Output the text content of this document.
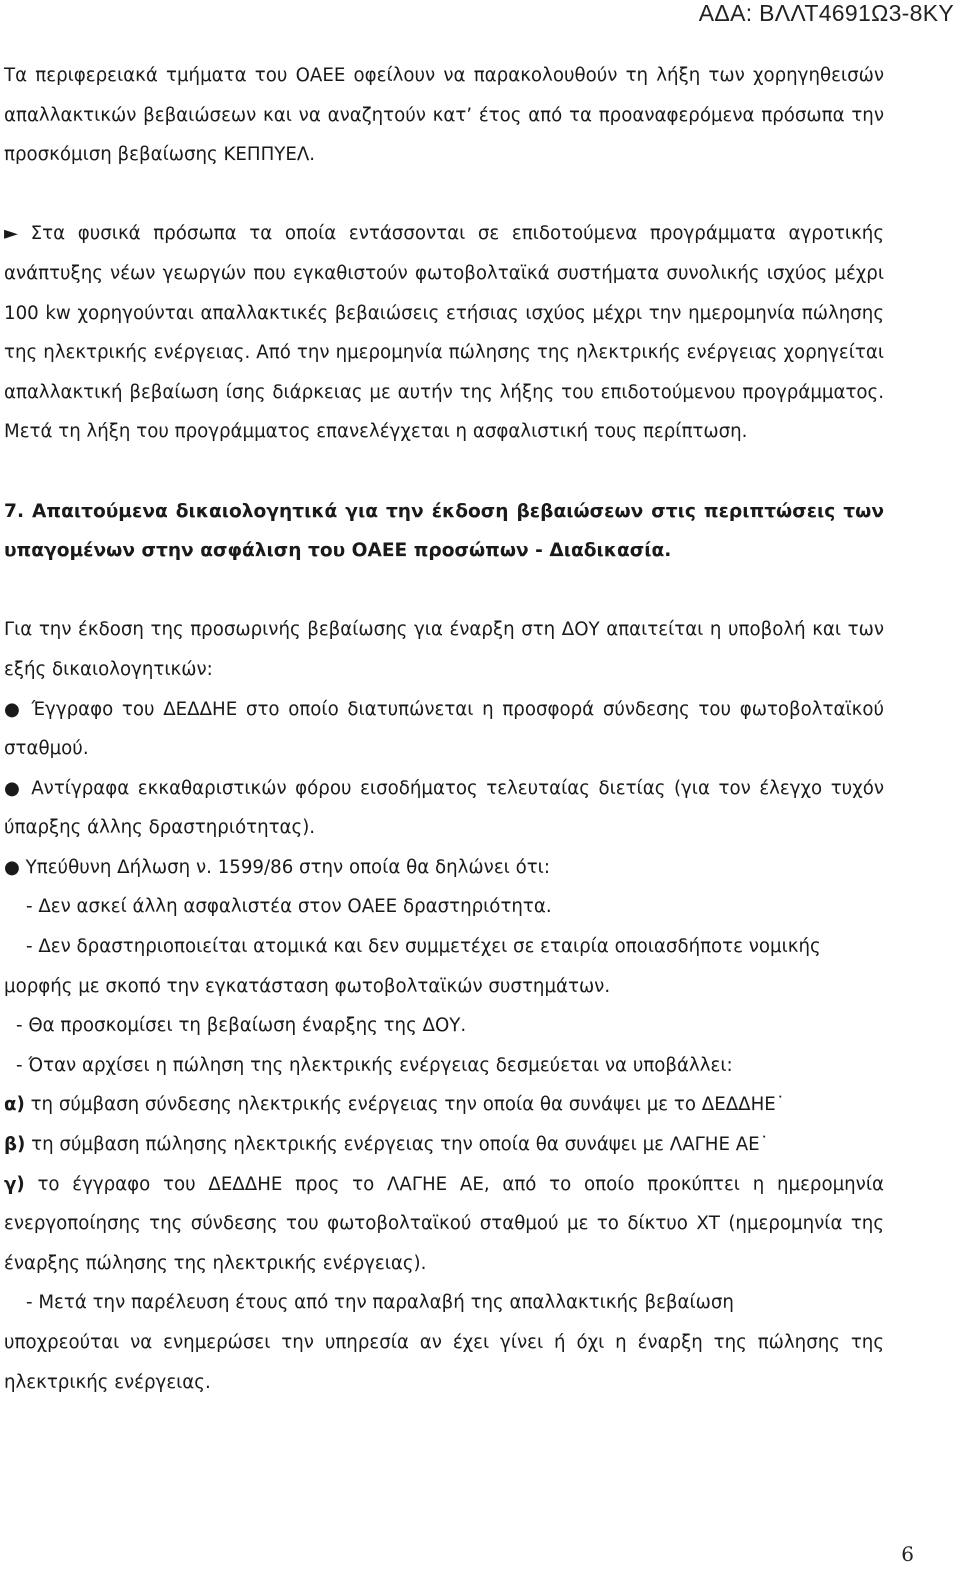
ΑΔΑ: ΒΛΛΤ4691Ω3-8ΚΥ

Τα περιφερειακά τμήματα του ΟΑΕΕ οφείλουν να παρακολουθούν τη λήξη των χορηγηθεισών απαλλακτικών βεβαιώσεων και να αναζητούν κατ’ έτος από τα προαναφερόμενα πρόσωπα την προσκόμιση βεβαίωσης ΚΕΠΠΥΕΛ.

► Στα φυσικά πρόσωπα τα οποία εντάσσονται σε επιδοτούμενα προγράμματα αγροτικής ανάπτυξης νέων γεωργών που εγκαθιστούν φωτοβολταϊκά συστήματα συνολικής ισχύος μέχρι 100 kw χορηγούνται απαλλακτικές βεβαιώσεις ετήσιας ισχύος μέχρι την ημερομηνία πώλησης της ηλεκτρικής ενέργειας. Από την ημερομηνία πώλησης της ηλεκτρικής ενέργειας χορηγείται απαλλακτική βεβαίωση ίσης διάρκειας με αυτήν της λήξης του επιδοτούμενου προγράμματος. Μετά τη λήξη του προγράμματος επανελέγχεται η ασφαλιστική τους περίπτωση.

7. Απαιτούμενα δικαιολογητικά για την έκδοση βεβαιώσεων στις περιπτώσεις των υπαγομένων στην ασφάλιση του ΟΑΕΕ προσώπων - Διαδικασία.

Για την έκδοση της προσωρινής βεβαίωσης για έναρξη στη ΔΟΥ απαιτείται η υποβολή και των εξής δικαιολογητικών:

● Έγγραφο του ΔΕΔΔΗΕ στο οποίο διατυπώνεται η προσφορά σύνδεσης του φωτοβολταϊκού σταθμού.

● Αντίγραφα εκκαθαριστικών φόρου εισοδήματος τελευταίας διετίας (για τον έλεγχο τυχόν ύπαρξης άλλης δραστηριότητας).

● Υπεύθυνη Δήλωση ν. 1599/86 στην οποία θα δηλώνει ότι:

- Δεν ασκεί άλλη ασφαλιστέα στον ΟΑΕΕ δραστηριότητα.

- Δεν δραστηριοποιείται ατομικά και δεν συμμετέχει σε εταιρία οποιασδήποτε νομικής

μορφής με σκοπό την εγκατάσταση φωτοβολταϊκών συστημάτων.

- Θα προσκομίσει τη βεβαίωση έναρξης της ΔΟΥ.

- Όταν αρχίσει η πώληση της ηλεκτρικής ενέργειας δεσμεύεται να υποβάλλει:

α) τη σύμβαση σύνδεσης ηλεκτρικής ενέργειας την οποία θα συνάψει με το ΔΕΔΔΗΕ˙

β) τη σύμβαση πώλησης ηλεκτρικής ενέργειας την οποία θα συνάψει με ΛΑΓΗΕ ΑΕ˙

γ) το έγγραφο του ΔΕΔΔΗΕ προς το ΛΑΓΗΕ ΑΕ, από το οποίο προκύπτει η ημερομηνία ενεργοποίησης της σύνδεσης του φωτοβολταϊκού σταθμού με το δίκτυο ΧΤ (ημερομηνία της έναρξης πώλησης της ηλεκτρικής ενέργειας).

- Μετά την παρέλευση έτους από την παραλαβή της απαλλακτικής βεβαίωση

υποχρεούται να ενημερώσει την υπηρεσία αν έχει γίνει ή όχι η έναρξη της πώλησης της ηλεκτρικής ενέργειας.

6
